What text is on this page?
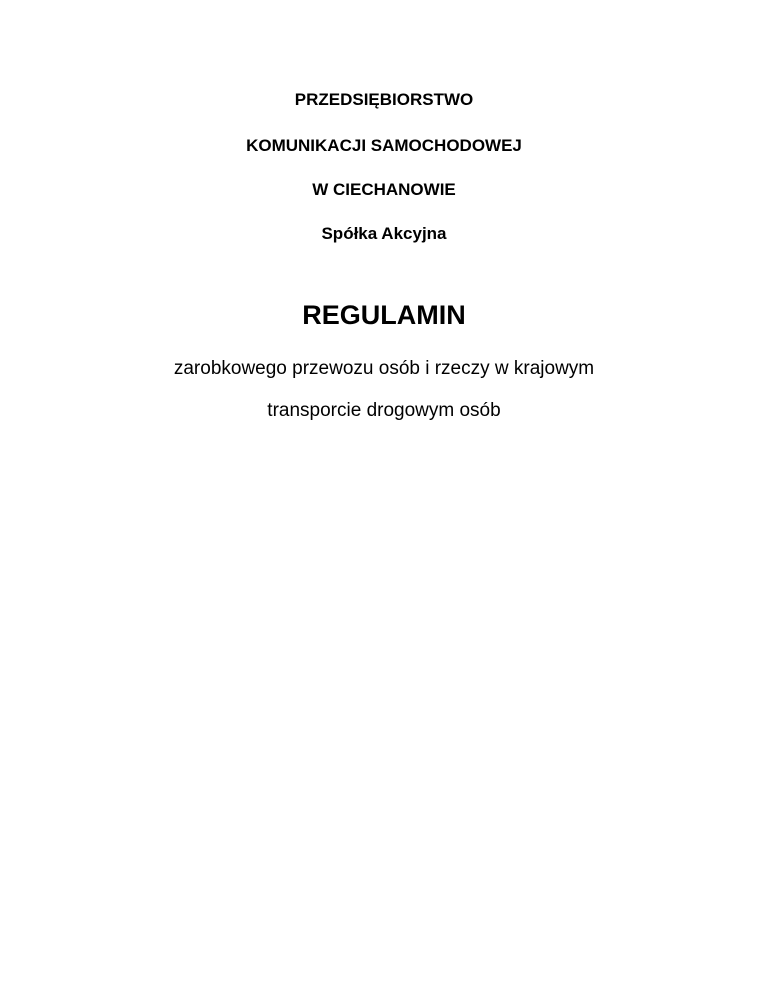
PRZEDSIĘBIORSTWO
KOMUNIKACJI SAMOCHODOWEJ
W CIECHANOWIE
Spółka Akcyjna
REGULAMIN
zarobkowego przewozu osób i rzeczy w krajowym
transporcie drogowym osób
